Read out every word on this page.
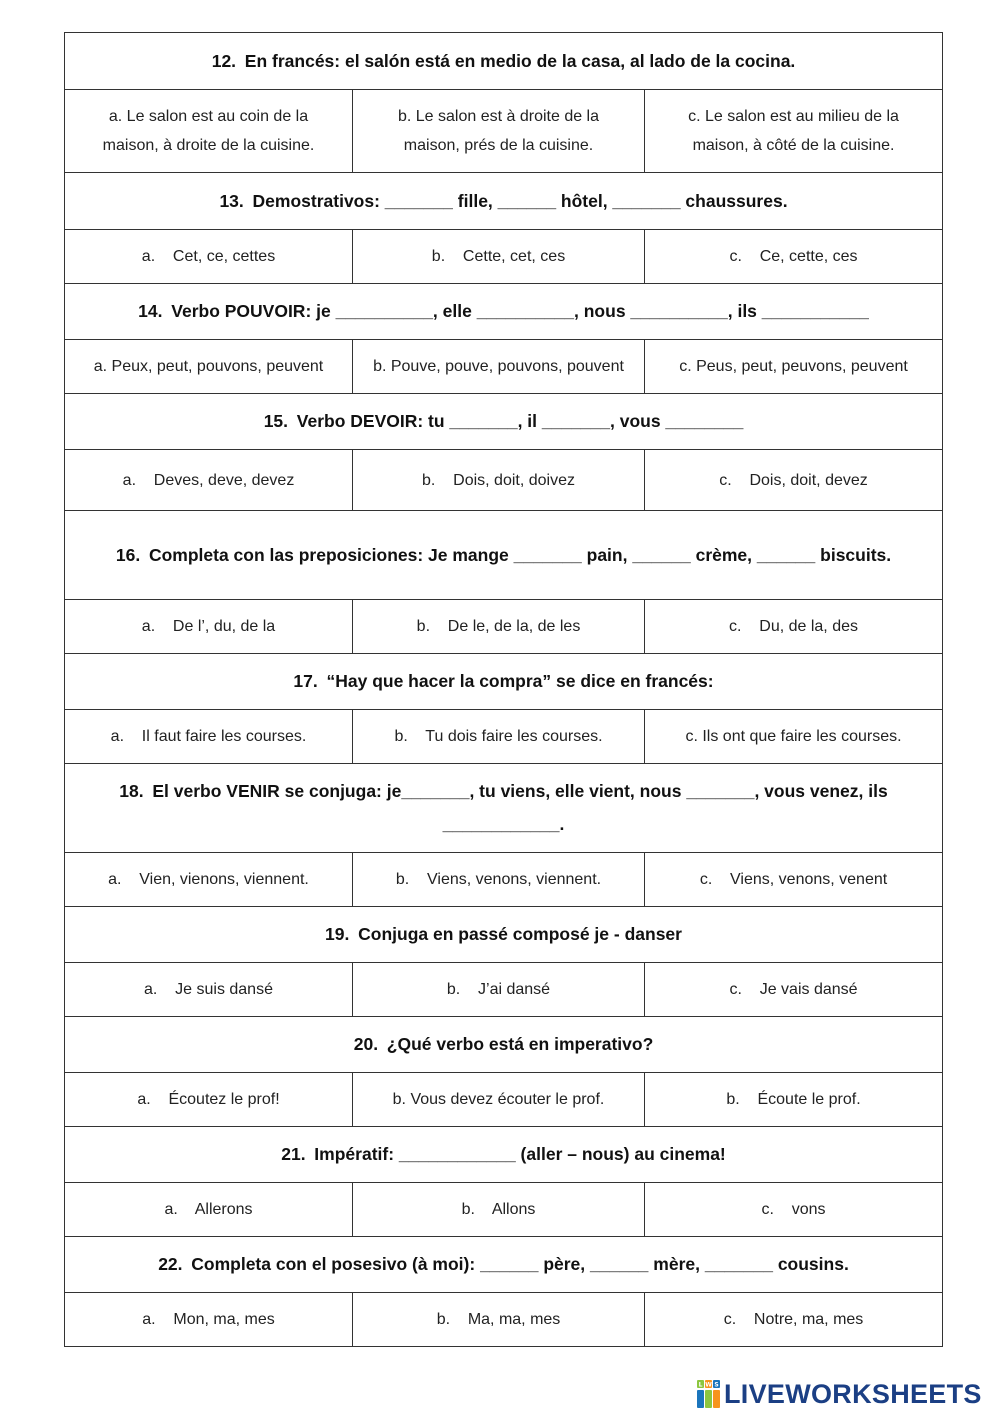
12. En francés: el salón está en medio de la casa, al lado de la cocina.		
a. Le salon est au coin de la maison, à droite de la cuisine.	b. Le salon est à droite de la maison, prés de la cuisine.	c. Le salon est au milieu de la maison, à côté de la cuisine.
13. Demostrativos: _______ fille, ______ hôtel, _______ chaussures.		
a.    Cet, ce, cettes	b.    Cette, cet, ces	c.    Ce, cette, ces
14. Verbo POUVOIR: je __________, elle __________, nous __________, ils ___________		
a. Peux, peut, pouvons, peuvent	b. Pouve, pouve, pouvons, pouvent	c. Peus, peut, peuvons, peuvent
15. Verbo DEVOIR: tu _______, il _______, vous ________		
a.    Deves, deve, devez	b.    Dois, doit, doivez	c.    Dois, doit, devez
16. Completa con las preposiciones: Je mange _______ pain, ______ crème, ______ biscuits.		
a.    De l’, du, de la	b.    De le, de la, de les	c.    Du, de la, des
17. “Hay que hacer la compra” se dice en francés:		
a.    Il faut faire les courses.	b.    Tu dois faire les courses.	c. Ils ont que faire les courses.
18. El verbo VENIR se conjuga: je_______, tu viens, elle vient, nous _______, vous venez, ils ____________.		
a.    Vien, vienons, viennent.	b.    Viens, venons, viennent.	c.    Viens, venons, venent
19. Conjuga en passé composé je - danser		
a.    Je suis dansé	b.    J’ai dansé	c.    Je vais dansé
20. ¿Qué verbo está en imperativo?		
a.    Écoutez le prof!	b. Vous devez écouter le prof.	b.    Écoute le prof.
21. Impératif: ____________ (aller – nous) au cinema!		
a.    Allerons	b.    Allons	c.    vons
22. Completa con el posesivo (à moi): ______ père, ______ mère, _______ cousins.		
a.    Mon, ma, mes	b.    Ma, ma, mes	c.    Notre, ma, mes
L W S LIVEWORKSHEETS
